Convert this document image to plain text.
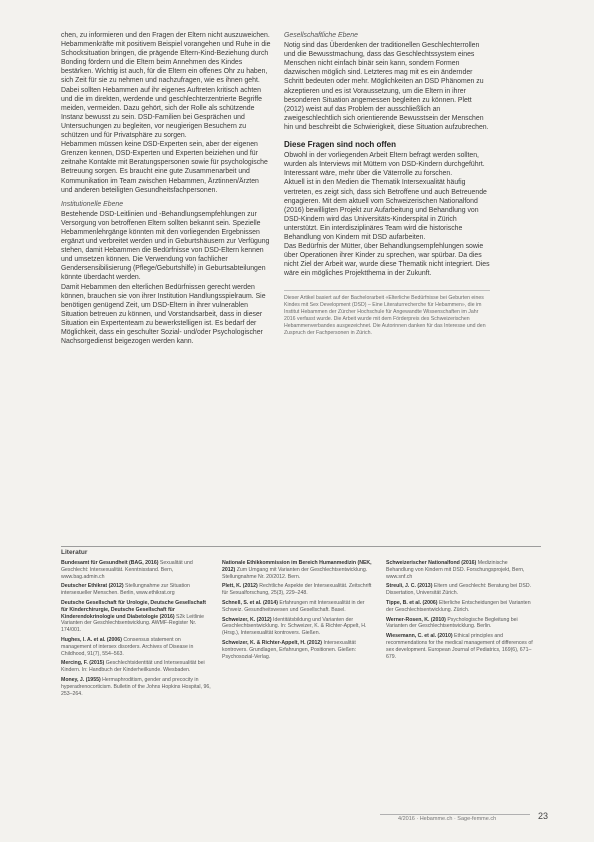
chen, zu informieren und den Fragen der Eltern nicht auszuweichen. Hebammenkräfte mit positivem Beispiel vorangehen und Ruhe in die Schocksituation bringen, die prägende Eltern-Kind-Beziehung durch Bonding fördern und die Eltern beim Annehmen des Kindes bestärken. Wichtig ist auch, für die Eltern ein offenes Ohr zu haben, sich Zeit für sie zu nehmen und nachzufragen, wie es ihnen geht. Dabei sollten Hebammen auf ihr eigenes Auftreten kritisch achten und die im direkten, werdende und geschlechterzentrierte Begriffe meiden, vermeiden. Dazu gehört, sich der Rolle als schützende Instanz bewusst zu sein. DSD-Familien bei Gesprächen und Untersuchungen zu begleiten, vor neugierigen Besuchern zu schützen und für Privatsphäre zu sorgen.

Hebammen müssen keine DSD-Experten sein, aber der eigenen Grenzen kennen, DSD-Experten und Experten beiziehen und für zeitnahe Kontakte mit Beratungspersonen sowie für psychologische Betreuung sorgen. Es braucht eine gute Zusammenarbeit und Kommunikation im Team zwischen Hebammen, Ärztinnen/Ärzten und anderen beteiligten Gesundheitsfachpersonen.

Institutionelle Ebene

Bestehende DSD-Leitlinien und -Behandlungsempfehlungen zur Versorgung von betroffenen Eltern sollten bekannt sein. Spezielle Hebammenlehrgänge könnten mit den vorliegenden Ergebnissen ergänzt und verbreitet werden und in Geburtshäusern zur Verfügung stehen, damit Hebammen die Bedürfnisse von DSD-Eltern kennen und umsetzen können. Die Verwendung von fachlicher Gendersensibilisierung (Pflege/Geburtshilfe) in Geburtsabteilungen könnte überdacht werden.

Damit Hebammen den elterlichen Bedürfnissen gerecht werden können, brauchen sie von ihrer Institution Handlungsspielraum. Sie benötigen genügend Zeit, um DSD-Eltern in ihrer vulnerablen Situation betreuen zu können, und Vorstandsarbeit, dass in dieser Situation ein Expertenteam zu bewerkstelligen ist. Es bedarf der Möglichkeit, dass ein geschulter Sozial- und/oder Psychologischer Nachsorgedienst beigezogen werden kann.

Gesellschaftliche Ebene

Notig sind das Überdenken der traditionellen Geschlechterrollen und die Bewusstmachung, dass das Geschlechtssystem eines Menschen nicht einfach binär sein kann, sondern Formen dazwischen möglich sind. Letzteres mag mit es ein ändernder Schritt bedeuten oder mehr. Möglichkeiten an DSD Phänomen zu akzeptieren und es ist Voraussetzung, um die Eltern in ihrer besonderen Situation angemessen begleiten zu können. Plett (2012) weist auf das Problem der ausschließlich an zweigeschlechtlich sich orientierende Bewusstsein der Menschen hin und beschreibt die Schwierigkeit, diese Situation aufzubrechen.

Diese Fragen sind noch offen

Obwohl in der vorliegenden Arbeit Eltern befragt werden sollten, wurden als Interviews mit Müttern von DSD-Kindern durchgeführt. Interessant wäre, mehr über die Väterrolle zu forschen.

Aktuell ist in den Medien die Thematik Intersexualität häufig vertreten, es zeigt sich, dass sich Betroffene und auch Betreuende engagieren. Mit dem aktuell vom Schweizerischen Nationalfond (2016) bewilligten Projekt zur Aufarbeitung und Behandlung von DSD-Kindern wird das Universitäts-Kinderspital in Zürich unterstützt. Ein interdisziplinäres Team wird die historische Behandlung von Kindern mit DSD aufarbeiten.

Das Bedürfnis der Mütter, über Behandlungsempfehlungen sowie über Operationen ihrer Kinder zu sprechen, war spürbar. Da dies nicht Ziel der Arbeit war, wurde diese Thematik nicht integriert. Dies wäre ein mögliches Projektthema in der Zukunft.

Dieser Artikel basiert auf der Bachelorarbeit «Elterliche Bedürfnisse bei Geburten eines Kindes mit Sex Development (DSD) – Eine Literaturrecherche für Hebammen», die im Institut Hebammen der Zürcher Hochschule für Angewandte Wissenschaften im Jahr 2016 verfasst wurde. Die Arbeit wurde mit dem Förderpreis des Schweizerischen Hebammenverbandes ausgezeichnet. Die Autorinnen danken für das Interesse und den Zuspruch der Fachpersonen in Zürich.
Literatur
Bundesamt für Gesundheit (BAG, 2016) Sexualität und Geschlecht: Intersexualität. Kenntnisstand. Bern, www.bag.admin.ch
Deutscher Ethikrat (2012) Stellungnahme zur Situation intersexueller Menschen. Berlin, www.ethikrat.org
Deutsche Gesellschaft für Urologie, Deutsche Gesellschaft für Kinderchirurgie, Deutsche Gesellschaft für Kinderendokrinologie und Diabetologie (2016) S2k Leitlinie Varianten der Geschlechtsentwicklung. AWMF-Register Nr. 174/001.
Hughes, I. A. et al. (2006) Consensus statement on management of intersex disorders. Archives of Disease in Childhood, 91(7), 554–563.
Mercing, F. (2015) Geschlechtsidentität und Intersexualität bei Kindern. In: Handbuch der Kinderheilkunde. Wiesbaden.
Money, J. (1955) Hermaphroditism, gender and precocity in hyperadrenocorticism. Bulletin of the Johns Hopkins Hospital, 96, 253–264.
Nationale Ethikkommission im Bereich Humanmedizin (NEK, 2012) Zum Umgang mit Varianten der Geschlechtsentwicklung. Stellungnahme Nr. 20/2012. Bern.
Plett, K. (2012) Rechtliche Aspekte der Intersexualität. Zeitschrift für Sexualforschung, 25(3), 229–248.
Schnell, S. et al. (2014) Erfahrungen mit Intersexualität in der Schweiz. Gesundheitswesen und Gesellschaft. Basel.
Schweizer, K. (2012) Identitätsbildung und Varianten der Geschlechtsentwicklung. In: Schweizer, K. & Richter-Appelt, H. (Hrsg.), Intersexualität kontrovers. Gießen.
Schweizer, K. & Richter-Appelt, H. (2012) Intersexualität kontrovers. Grundlagen, Erfahrungen, Positionen. Gießen: Psychosozial-Verlag.
Schweizerischer Nationalfond (2016) Medizinische Behandlung von Kindern mit DSD. Forschungsprojekt, Bern, www.snf.ch
Streuli, J. C. (2013) Eltern und Geschlecht: Beratung bei DSD. Dissertation, Universität Zürich.
Tippe, B. et al. (2006) Elterliche Entscheidungen bei Varianten der Geschlechtsentwicklung. Zürich.
Werner-Rosen, K. (2010) Psychologische Begleitung bei Varianten der Geschlechtsentwicklung. Berlin.
Wiesemann, C. et al. (2010) Ethical principles and recommendations for the medical management of differences of sex development. European Journal of Pediatrics, 169(6), 671–679.
4/2016 · Hebamme.ch · Sage-femme.ch	23
